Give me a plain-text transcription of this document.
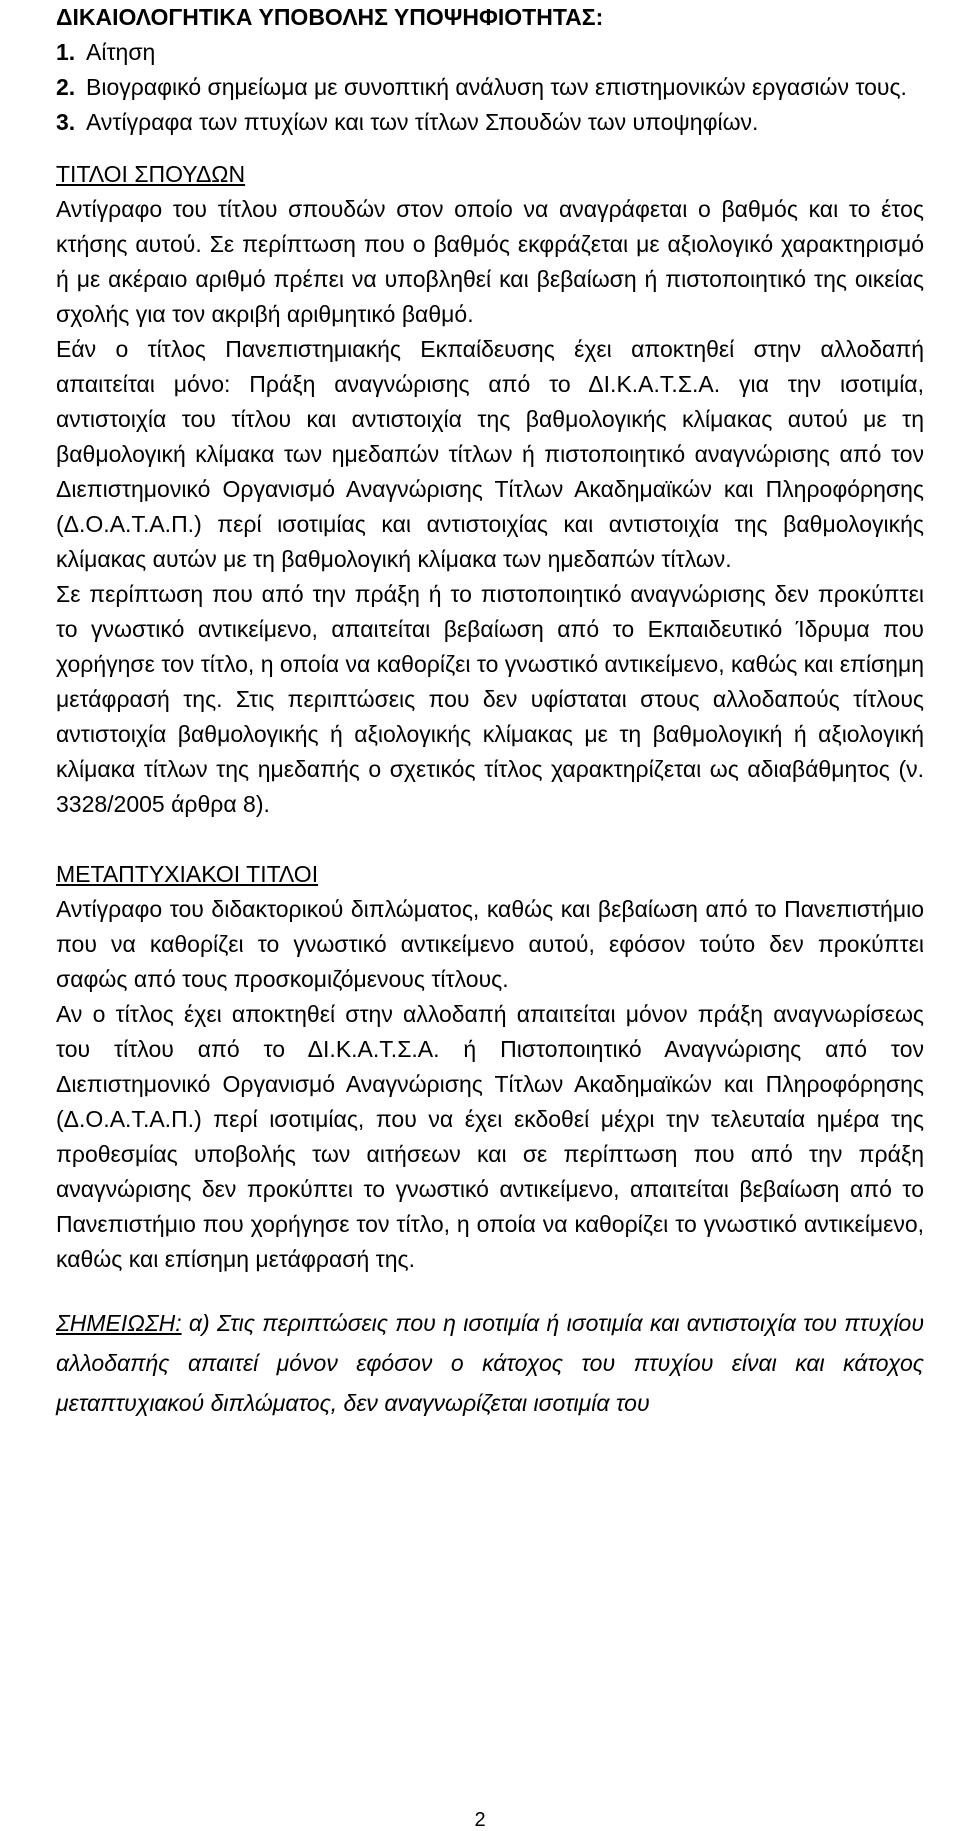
ΔΙΚΑΙΟΛΟΓΗΤΙΚΑ ΥΠΟΒΟΛΗΣ ΥΠΟΨΗΦΙΟΤΗΤΑΣ:
1. Αίτηση
2. Βιογραφικό σημείωμα με συνοπτική ανάλυση των επιστημονικών εργασιών τους.
3. Αντίγραφα των πτυχίων και των τίτλων Σπουδών των υποψηφίων.
ΤΙΤΛΟΙ ΣΠΟΥΔΩΝ

Αντίγραφο του τίτλου σπουδών στον οποίο να αναγράφεται ο βαθμός και το έτος κτήσης αυτού. Σε περίπτωση που ο βαθμός εκφράζεται με αξιολογικό χαρακτηρισμό ή με ακέραιο αριθμό πρέπει να υποβληθεί και βεβαίωση ή πιστοποιητικό της οικείας σχολής για τον ακριβή αριθμητικό βαθμό.

Εάν ο τίτλος Πανεπιστημιακής Εκπαίδευσης έχει αποκτηθεί στην αλλοδαπή απαιτείται μόνο: Πράξη αναγνώρισης από το ΔΙ.Κ.Α.Τ.Σ.Α. για την ισοτιμία, αντιστοιχία του τίτλου και αντιστοιχία της βαθμολογικής κλίμακας αυτού με τη βαθμολογική κλίμακα των ημεδαπών τίτλων ή πιστοποιητικό αναγνώρισης από τον Διεπιστημονικό Οργανισμό Αναγνώρισης Τίτλων Ακαδημαϊκών και Πληροφόρησης (Δ.Ο.Α.Τ.Α.Π.) περί ισοτιμίας και αντιστοιχίας και αντιστοιχία της βαθμολογικής κλίμακας αυτών με τη βαθμολογική κλίμακα των ημεδαπών τίτλων.

Σε περίπτωση που από την πράξη ή το πιστοποιητικό αναγνώρισης δεν προκύπτει το γνωστικό αντικείμενο, απαιτείται βεβαίωση από το Εκπαιδευτικό Ίδρυμα που χορήγησε τον τίτλο, η οποία να καθορίζει το γνωστικό αντικείμενο, καθώς και επίσημη μετάφρασή της. Στις περιπτώσεις που δεν υφίσταται στους αλλοδαπούς τίτλους αντιστοιχία βαθμολογικής ή αξιολογικής κλίμακας με τη βαθμολογική ή αξιολογική κλίμακα τίτλων της ημεδαπής ο σχετικός τίτλος χαρακτηρίζεται ως αδιαβάθμητος (ν. 3328/2005 άρθρα 8).

ΜΕΤΑΠΤΥΧΙΑΚΟΙ ΤΙΤΛΟΙ

Αντίγραφο του διδακτορικού διπλώματος, καθώς και βεβαίωση από το Πανεπιστήμιο που να καθορίζει το γνωστικό αντικείμενο αυτού, εφόσον τούτο δεν προκύπτει σαφώς από τους προσκομιζόμενους τίτλους.

Αν ο τίτλος έχει αποκτηθεί στην αλλοδαπή απαιτείται μόνον πράξη αναγνωρίσεως του τίτλου από το ΔΙ.Κ.Α.Τ.Σ.Α. ή Πιστοποιητικό Αναγνώρισης από τον Διεπιστημονικό Οργανισμό Αναγνώρισης Τίτλων Ακαδημαϊκών και Πληροφόρησης (Δ.Ο.Α.Τ.Α.Π.) περί ισοτιμίας, που να έχει εκδοθεί μέχρι την τελευταία ημέρα της προθεσμίας υποβολής των αιτήσεων και σε περίπτωση που από την πράξη αναγνώρισης δεν προκύπτει το γνωστικό αντικείμενο, απαιτείται βεβαίωση από το Πανεπιστήμιο που χορήγησε τον τίτλο, η οποία να καθορίζει το γνωστικό αντικείμενο, καθώς και επίσημη μετάφρασή της.

ΣΗΜΕΙΩΣΗ: α) Στις περιπτώσεις που η ισοτιμία ή ισοτιμία και αντιστοιχία του πτυχίου αλλοδαπής απαιτεί μόνον εφόσον ο κάτοχος του πτυχίου είναι και κάτοχος μεταπτυχιακού διπλώματος, δεν αναγνωρίζεται ισοτιμία του

2
